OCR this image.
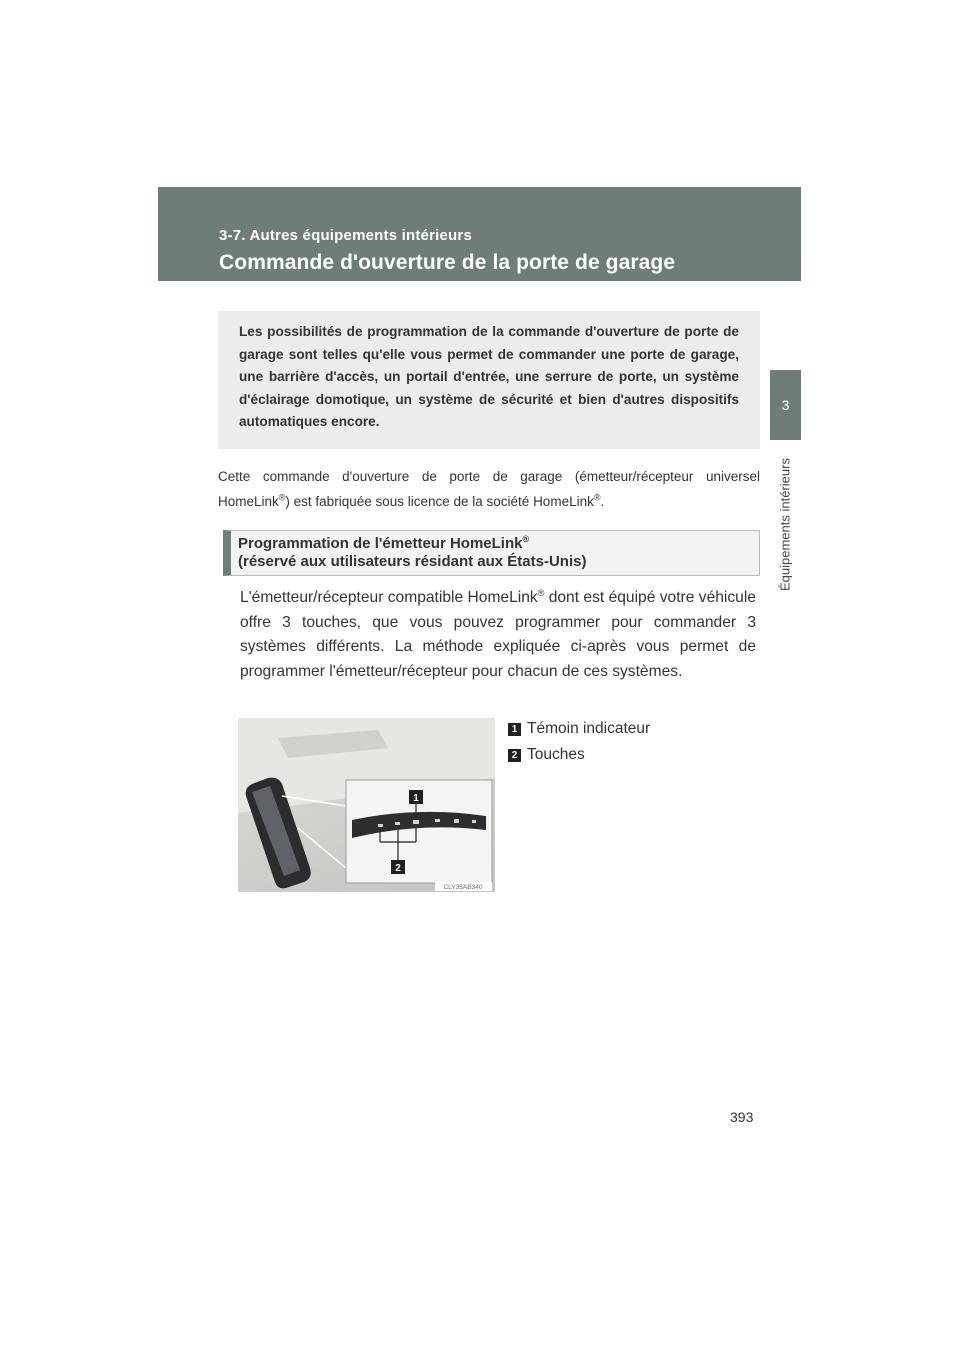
3-7. Autres équipements intérieurs
Commande d'ouverture de la porte de garage
3
Équipements intérieurs
Les possibilités de programmation de la commande d'ouverture de porte de garage sont telles qu'elle vous permet de commander une porte de garage, une barrière d'accès, un portail d'entrée, une serrure de porte, un système d'éclairage domotique, un système de sécurité et bien d'autres dispositifs automatiques encore.
Cette commande d'ouverture de porte de garage (émetteur/récepteur universel HomeLink®) est fabriquée sous licence de la société HomeLink®.
Programmation de l'émetteur HomeLink®
(réservé aux utilisateurs résidant aux États-Unis)
L'émetteur/récepteur compatible HomeLink® dont est équipé votre véhicule offre 3 touches, que vous pouvez programmer pour commander 3 systèmes différents. La méthode expliquée ci-après vous permet de programmer l'émetteur/récepteur pour chacun de ces systèmes.
1
2
CLY35AB340
1 Témoin indicateur
2 Touches
393
